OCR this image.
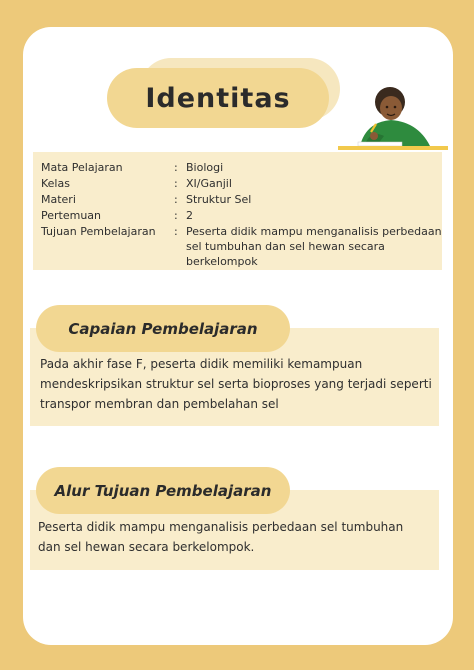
Identitas
Mata Pelajaran	: Biologi
Kelas	: XI/Ganjil
Materi	: Struktur Sel
Pertemuan	: 2
Tujuan Pembelajaran	: Peserta didik mampu menganalisis perbedaan sel tumbuhan dan sel hewan secara berkelompok
Pada akhir fase F, peserta didik memiliki kemampuan mendeskripsikan struktur sel serta bioproses yang terjadi seperti transpor membran dan pembelahan sel
Capaian Pembelajaran
Peserta didik mampu menganalisis perbedaan sel tumbuhan dan sel hewan secara berkelompok.
Alur Tujuan Pembelajaran
